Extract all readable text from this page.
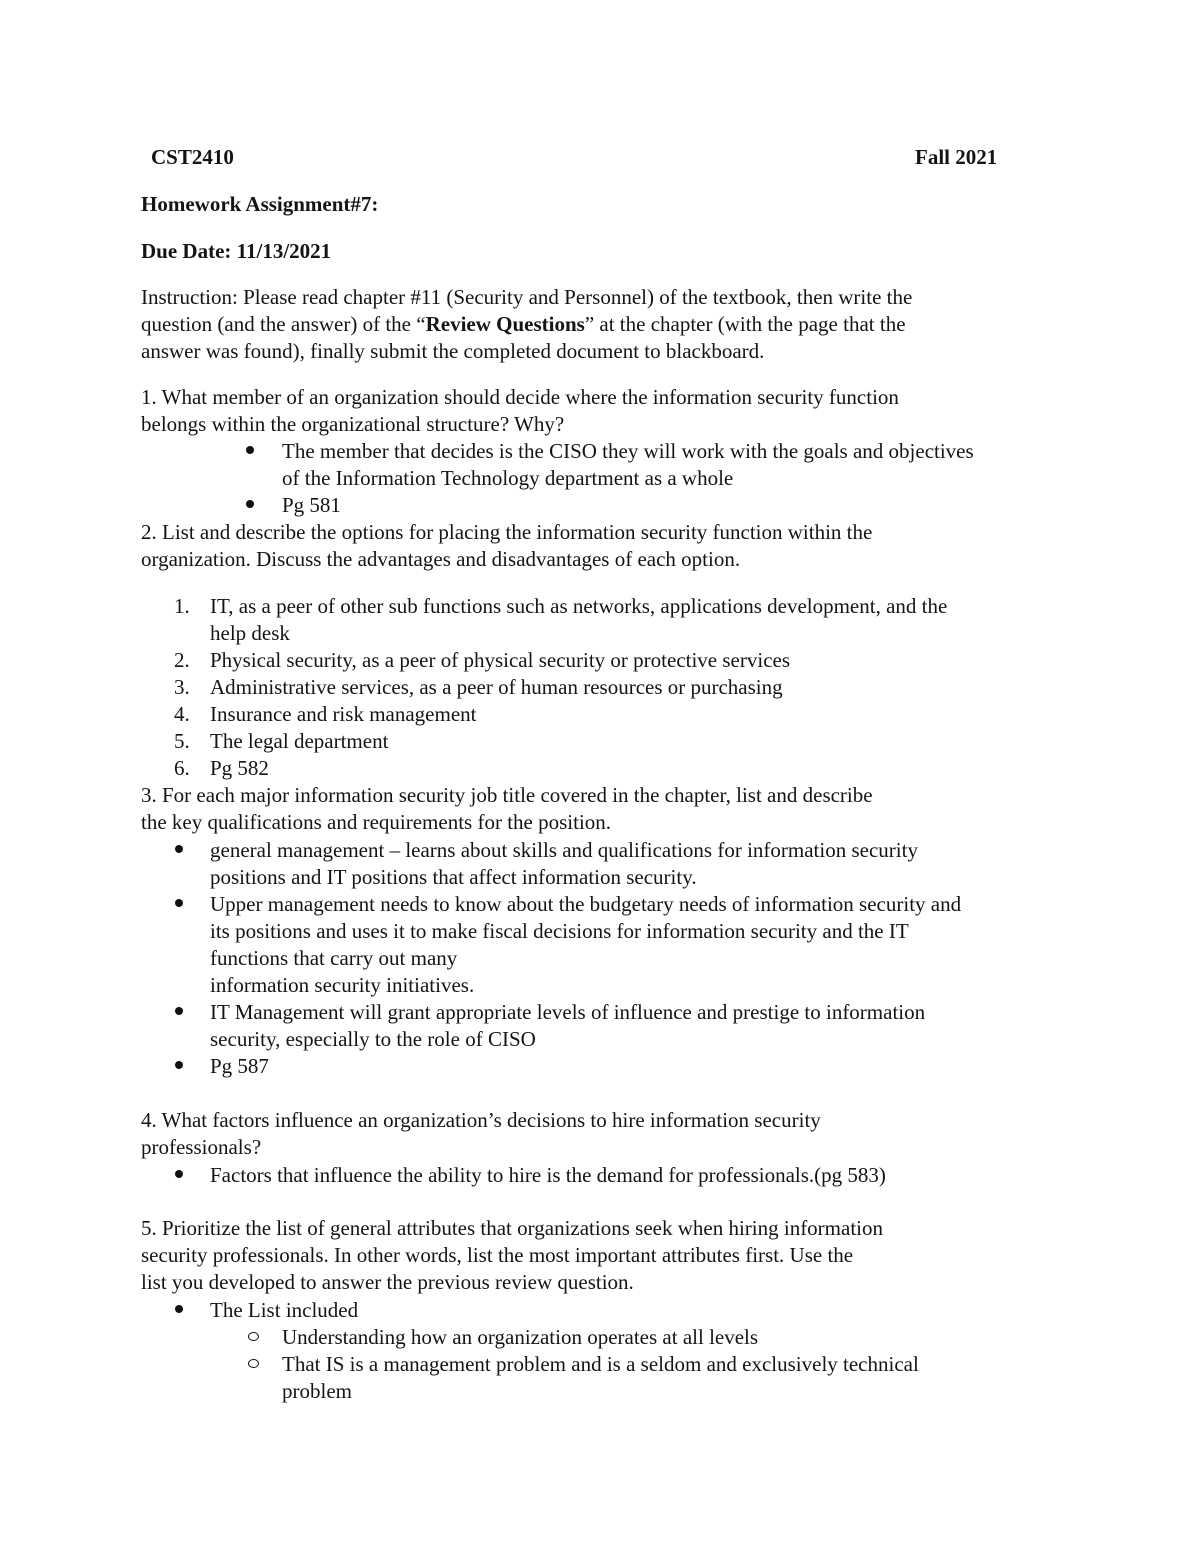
CST2410	Fall 2021
Homework Assignment#7:
Due Date: 11/13/2021
Instruction: Please read chapter #11 (Security and Personnel) of the textbook, then write the
question (and the answer) of the “Review Questions” at the chapter (with the page that the
answer was found), finally submit the completed document to blackboard.
1. What member of an organization should decide where the information security function
belongs within the organizational structure? Why?
The member that decides is the CISO they will work with the goals and objectives
of the Information Technology department as a whole
Pg 581
2. List and describe the options for placing the information security function within the
organization. Discuss the advantages and disadvantages of each option.
1. IT, as a peer of other sub functions such as networks, applications development, and the
help desk
2. Physical security, as a peer of physical security or protective services
3. Administrative services, as a peer of human resources or purchasing
4. Insurance and risk management
5. The legal department
6. Pg 582
3. For each major information security job title covered in the chapter, list and describe
the key qualifications and requirements for the position.
general management – learns about skills and qualifications for information security
positions and IT positions that affect information security.
Upper management needs to know about the budgetary needs of information security and
its positions and uses it to make fiscal decisions for information security and the IT
functions that carry out many
information security initiatives.
IT Management will grant appropriate levels of influence and prestige to information
security, especially to the role of CISO
Pg 587
4. What factors influence an organization’s decisions to hire information security
professionals?
Factors that influence the ability to hire is the demand for professionals.(pg 583)
5. Prioritize the list of general attributes that organizations seek when hiring information
security professionals. In other words, list the most important attributes first. Use the
list you developed to answer the previous review question.
The List included
Understanding how an organization operates at all levels
That IS is a management problem and is a seldom and exclusively technical
problem
